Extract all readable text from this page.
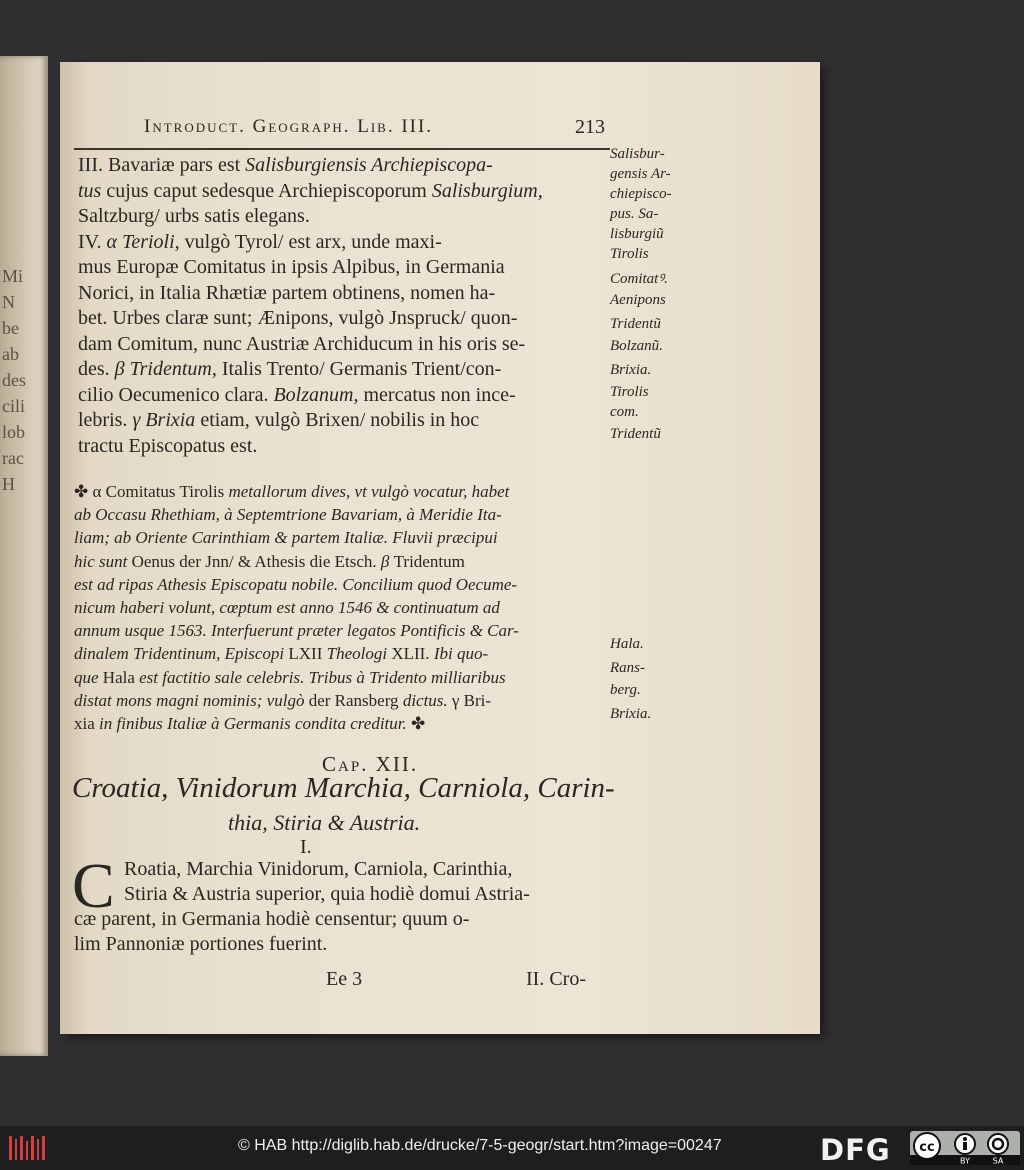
Mi
N
be
ab
des
cili
lob
rac
H
Introduct. Geograph. Lib. III.	213
III. Bavariæ pars est Salisburgiensis Archiepiscopa-
tus cujus caput sedesque Archiepiscoporum Salisburgium,
Saltzburg/ urbs satis elegans.
IV. α Terioli, vulgò Tyrol/ est arx, unde maxi-
mus Europæ Comitatus in ipsis Alpibus, in Germania
Norici, in Italia Rhætiæ partem obtinens, nomen ha-
bet. Urbes claræ sunt; Ænipons, vulgò Jnspruck/ quon-
dam Comitum, nunc Austriæ Archiducum in his oris se-
des. β Tridentum, Italis Trento/ Germanis Trient/con-
cilio Oecumenico clara. Bolzanum, mercatus non ince-
lebris. γ Brixia etiam, vulgò Brixen/ nobilis in hoc
tractu Episcopatus est.
✤ α Comitatus Tirolis metallorum dives, vt vulgò vocatur, habet
ab Occasu Rhethiam, à Septemtrione Bavariam, à Meridie Ita-
liam; ab Oriente Carinthiam & partem Italiæ. Fluvii præcipui
hic sunt Oenus der Jnn/ & Athesis die Etsch. β Tridentum
est ad ripas Athesis Episcopatu nobile. Concilium quod Oecume-
nicum haberi volunt, cœptum est anno 1546 & continuatum ad
annum usque 1563. Interfuerunt præter legatos Pontificis & Car-
dinalem Tridentinum, Episcopi LXII Theologi XLII. Ibi quo-
que Hala est factitio sale celebris. Tribus à Tridento milliaribus
distat mons magni nominis; vulgò der Ransberg dictus. γ Bri-
xia in finibus Italiæ à Germanis condita creditur. ✤
Salisbur-
gensis Ar-
chiepisco-
pus. Sa-
lisburgiũ
Tirolis
Comitatꝰ.
Aenipons
Tridentũ
Bolzanũ.
Brixia.
Tirolis
com.
Tridentũ
Hala.
Rans-
berg.
Brixia.
Cap. XII.
Croatia, Vinidorum Marchia, Carniola, Carin-
thia, Stiria & Austria.
I.
C Roatia, Marchia Vinidorum, Carniola, Carinthia,
Stiria & Austria superior, quia hodiè domui Astria-
cæ parent, in Germania hodiè censentur; quum o-
lim Pannoniæ portiones fuerint.
Ee 3	II. Cro-
© HAB http://diglib.hab.de/drucke/7-5-geogr/start.htm?image=00247	DFG cc
BY	SA
